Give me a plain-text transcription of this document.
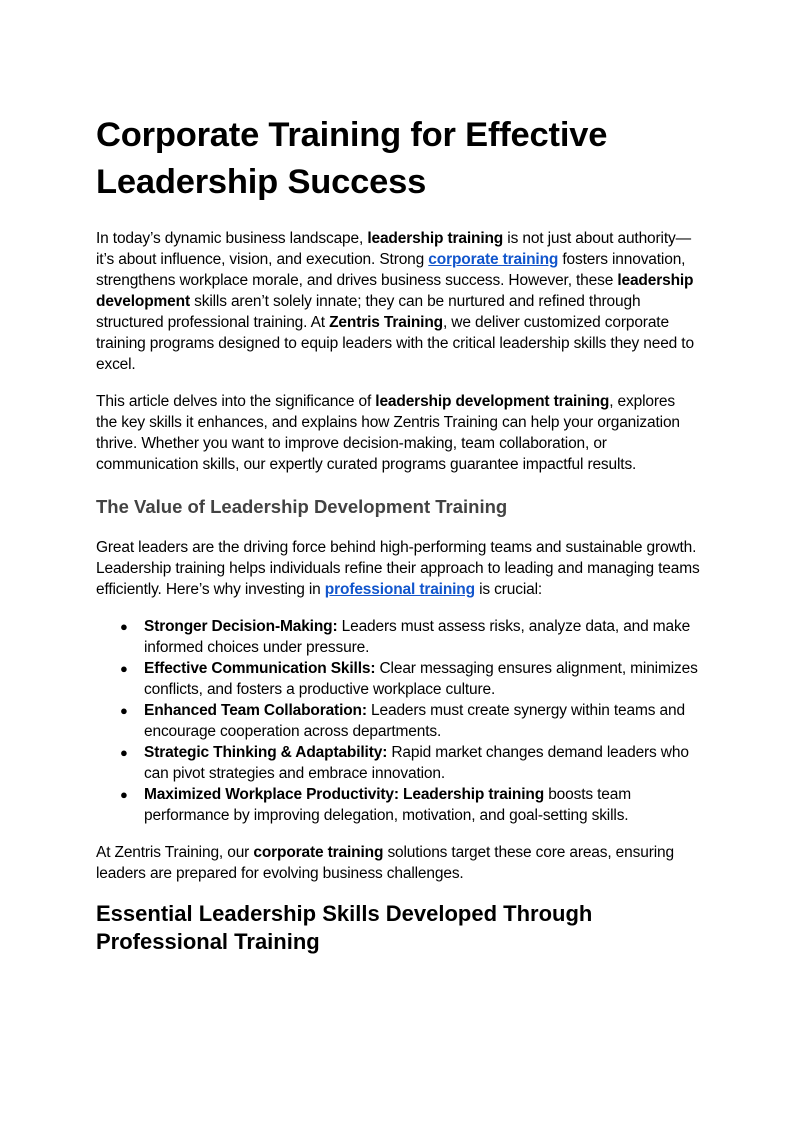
Corporate Training for Effective Leadership Success

In today’s dynamic business landscape, leadership training is not just about authority—it’s about influence, vision, and execution. Strong corporate training fosters innovation, strengthens workplace morale, and drives business success. However, these leadership development skills aren’t solely innate; they can be nurtured and refined through structured professional training. At Zentris Training, we deliver customized corporate training programs designed to equip leaders with the critical leadership skills they need to excel.

This article delves into the significance of leadership development training, explores the key skills it enhances, and explains how Zentris Training can help your organization thrive. Whether you want to improve decision-making, team collaboration, or communication skills, our expertly curated programs guarantee impactful results.

The Value of Leadership Development Training

Great leaders are the driving force behind high-performing teams and sustainable growth. Leadership training helps individuals refine their approach to leading and managing teams efficiently. Here’s why investing in professional training is crucial:

● Stronger Decision-Making: Leaders must assess risks, analyze data, and make informed choices under pressure.
● Effective Communication Skills: Clear messaging ensures alignment, minimizes conflicts, and fosters a productive workplace culture.
● Enhanced Team Collaboration: Leaders must create synergy within teams and encourage cooperation across departments.
● Strategic Thinking & Adaptability: Rapid market changes demand leaders who can pivot strategies and embrace innovation.
● Maximized Workplace Productivity: Leadership training boosts team performance by improving delegation, motivation, and goal-setting skills.

At Zentris Training, our corporate training solutions target these core areas, ensuring leaders are prepared for evolving business challenges.

Essential Leadership Skills Developed Through Professional Training
